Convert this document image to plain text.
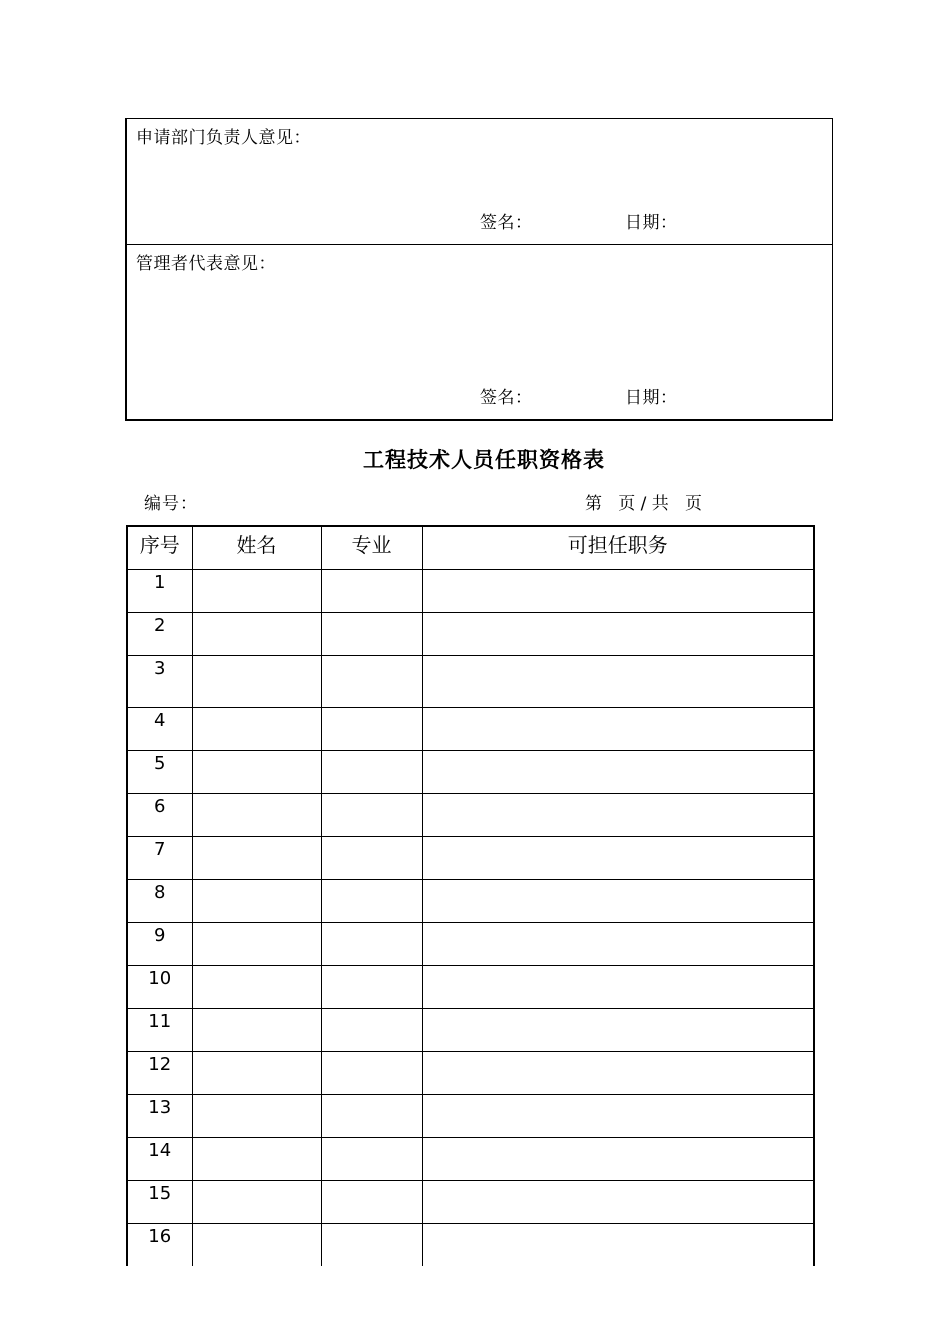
申请部门负责人意见：
签名：	日期：
管理者代表意见：
签名：	日期：
工程技术人员任职资格表
编号：	第   页 / 共   页
序号	姓名	专业	可担任职务
1			
2			
3			
4			
5			
6			
7			
8			
9			
10			
11			
12			
13			
14			
15			
16			
